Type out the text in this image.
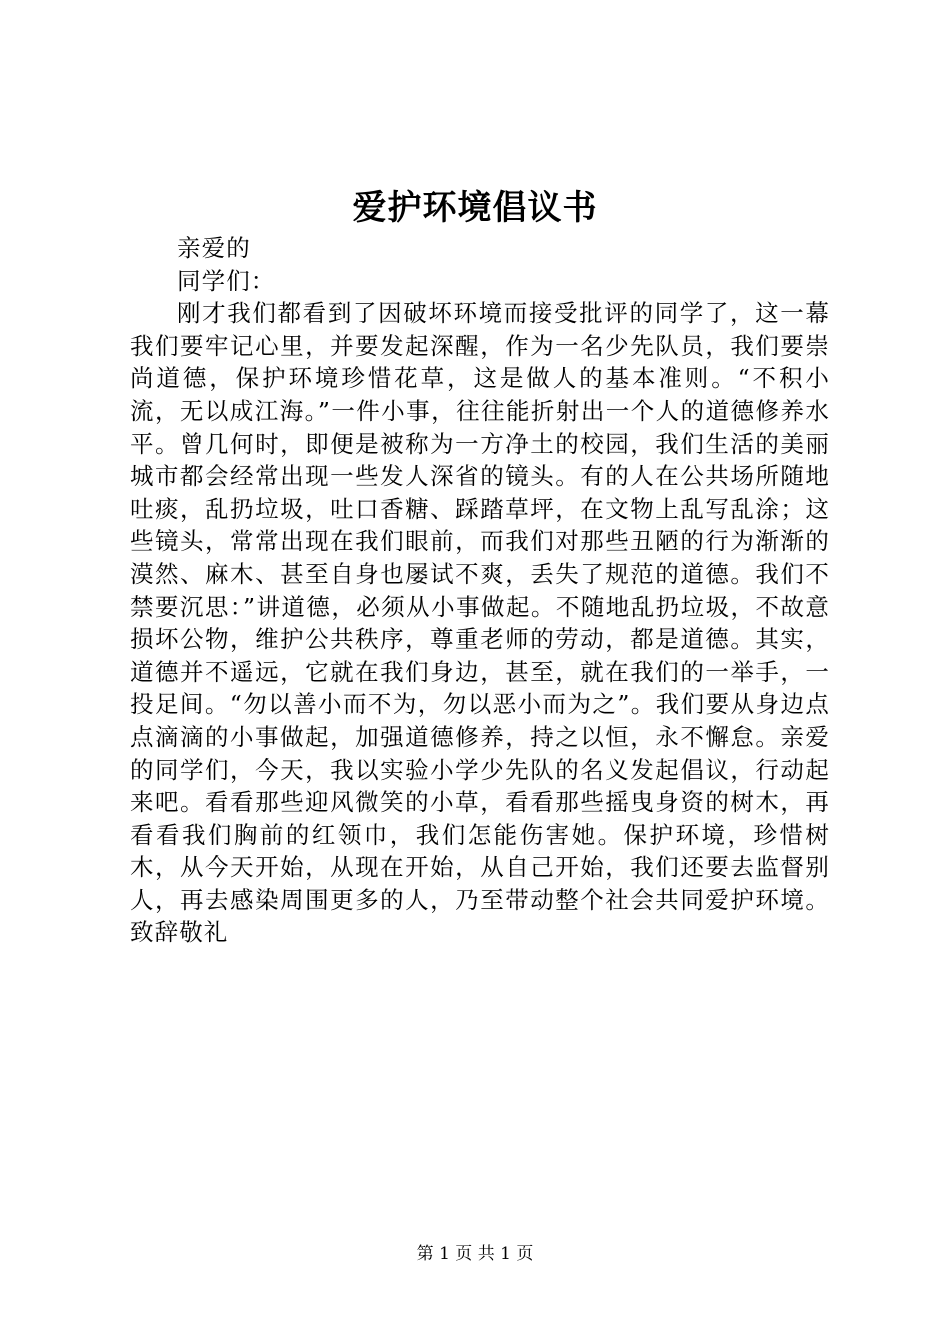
爱护环境倡议书

亲爱的

同学们：

刚才我们都看到了因破坏环境而接受批评的同学了，这一幕我们要牢记心里，并要发起深醒，作为一名少先队员，我们要崇尚道德，保护环境珍惜花草，这是做人的基本准则。“不积小流，无以成江海。”一件小事，往往能折射出一个人的道德修养水平。曾几何时，即便是被称为一方净土的校园，我们生活的美丽城市都会经常出现一些发人深省的镜头。有的人在公共场所随地吐痰，乱扔垃圾，吐口香糖、踩踏草坪，在文物上乱写乱涂；这些镜头，常常出现在我们眼前，而我们对那些丑陋的行为渐渐的漠然、麻木、甚至自身也屡试不爽，丢失了规范的道德。我们不禁要沉思：”讲道德，必须从小事做起。不随地乱扔垃圾，不故意损坏公物，维护公共秩序，尊重老师的劳动，都是道德。其实，道德并不遥远，它就在我们身边，甚至，就在我们的一举手，一投足间。“勿以善小而不为，勿以恶小而为之”。我们要从身边点点滴滴的小事做起，加强道德修养，持之以恒，永不懈怠。亲爱的同学们，今天，我以实验小学少先队的名义发起倡议，行动起来吧。看看那些迎风微笑的小草，看看那些摇曳身资的树木，再看看我们胸前的红领巾，我们怎能伤害她。保护环境，珍惜树木，从今天开始，从现在开始，从自己开始，我们还要去监督别人，再去感染周围更多的人，乃至带动整个社会共同爱护环境。致辞敬礼

第 1 页 共 1 页
